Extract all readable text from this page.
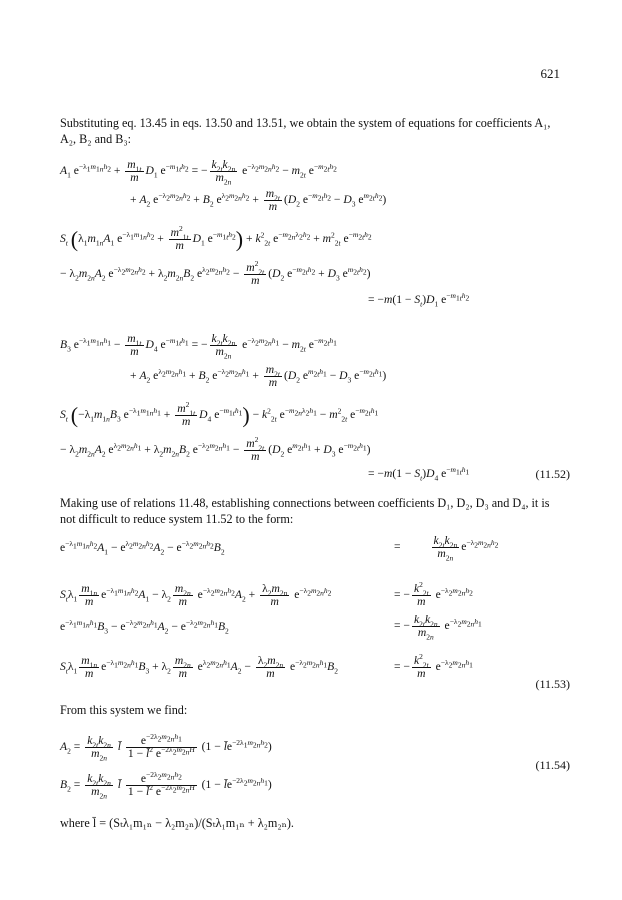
621
Substituting eq. 13.45 in eqs. 13.50 and 13.51, we obtain the system of equations for coefficients A₁, A₂, B₂ and B₃:
$A_1$ $e^{-\lambda_1m_{1n}h_2} + \frac{m_{1t}}{m} D_1$ $e^{-m_{1t}h_2}$ = − $\frac{k_{2t}k_{2n}}{m_{2n}} e^{-\lambda_2m_{2n}h_2} - m_{2t}$ $e^{-m_{2t}h_2}$
+ $A_2$ $e^{-\lambda_2m_{2n}h_2} + B_2$ $e^{\lambda_2m_{2n}h_2} + \frac{m_{2t}}{m} (D_2$ $e^{-m_{2t}h_2} - D_3$ $e^{m_{2t}h_2}$)
$S_t$ ($\lambda_1m_{1n}A_1$ $e^{-\lambda_1m_{1n}h_2} + \frac{m^2_{1t}}{m} D_1$ $e^{-m_{1t}h_2}) + k^2_{2t}$ $e^{-m_{2n}\lambda_2h_2} + m^2_{2t}$ $e^{-m_{2t}h_2}$
− $\lambda_2m_{2n}A_2$ $e^{-\lambda_2m_{2n}h_2} + \lambda_2m_{2n}B_2$ $e^{\lambda_2m_{2n}h_2} - \frac{m^2_{2t}}{m} (D_2$ $e^{-m_{2t}h_2} + D_3$ $e^{m_{2t}h_2}$)
= $-m(1 - S_t)D_1$ $e^{-m_{1t}h_2}$
$B_3$ $e^{-\lambda_1m_{1n}h_1} - \frac{m_{1t}}{m} D_4$ $e^{-m_{1t}h_1}$ = − $\frac{k_{2t}k_{2n}}{m_{2n}} e^{-\lambda_2m_{2n}h_1} - m_{2t}$ $e^{-m_{2t}h_1}$
+ $A_2$ $e^{\lambda_2m_{2n}h_1} + B_2$ $e^{-\lambda_2m_{2n}h_1} + \frac{m_{2t}}{m} (D_2$ $e^{m_{2t}h_1} - D_3$ $e^{-m_{2t}h_1}$)
$S_t$ ($-\lambda_1m_{1n}B_3$ $e^{-\lambda_1m_{1n}h_1} + \frac{m^2_{1t}}{m} D_4$ $e^{-m_{1t}h_1}) - k^2_{2t}$ $e^{-m_{2n}\lambda_2h_1} - m^2_{2t}$ $e^{-m_{2t}h_1}$
− $\lambda_2m_{2n}A_2$ $e^{\lambda_2m_{2n}h_1} + \lambda_2m_{2n}B_2$ $e^{-\lambda_2m_{2n}h_1} - \frac{m^2_{2t}}{m} (D_2$ $e^{m_{2t}h_1} + D_3$ $e^{-m_{2t}h_1}$)
= $-m(1 - S_t)D_4$ $e^{-m_{1t}h_1}$	(11.52)
Making use of relations 11.48, establishing connections between coefficients D₁, D₂, D₃ and D₄, it is not difficult to reduce system 11.52 to the form:
$e^{-\lambda_1m_{1n}h_2}A_1 - e^{\lambda_2m_{2n}h_2}A_2 - e^{-\lambda_2m_{2n}h_2}B_2$	= $\frac{k_{2t}k_{2n}}{m_{2n}} e^{-\lambda_2m_{2n}h_2}$
$S_t\lambda_1 \frac{m_{1n}}{m} e^{-\lambda_1m_{1n}h_2}A_1 - \lambda_2 \frac{m_{2n}}{m} e^{-\lambda_2m_{2n}h_2}A_2 + \frac{\lambda_2m_{2n}}{m} e^{-\lambda_2m_{2n}h_2}$	= − $\frac{k^2_{2t}}{m} e^{-\lambda_2m_{2n}h_2}$
$e^{-\lambda_1m_{1n}h_1}B_3 - e^{-\lambda_2m_{2n}h_1}A_2 - e^{-\lambda_2m_{2n}h_1}B_2$	= − $\frac{k_{2t}k_{2n}}{m_{2n}} e^{-\lambda_2m_{2n}h_1}$
$S_t\lambda_1 \frac{m_{1n}}{m} e^{-\lambda_1m_{2n}h_1}B_3 + \lambda_2 \frac{m_{2n}}{m} e^{\lambda_2m_{2n}h_1}A_2 - \frac{\lambda_2m_{2n}}{m} e^{-\lambda_2m_{2n}h_1}B_2$	= − $\frac{k^2_{2t}}{m} e^{-\lambda_2m_{2n}h_1}$
(11.53)
From this system we find:
$A_2 = \frac{k_{2t}k_{2n}}{m_{2n}}$ l̄ $\frac{e^{-2\lambda_2m_{2n}h_1}}{1 - l̄^2 e^{-2\lambda_2m_{2n}H}} (1$ − $l̄e^{-2\lambda_1m_{2n}h_2}$)
$B_2 = \frac{k_{2t}k_{2n}}{m_{2n}}$ l̄ $\frac{e^{-2\lambda_2m_{2n}h_2}}{1 - l̄^2 e^{-2\lambda_2m_{2n}H}} (1$ − $l̄e^{-2\lambda_2m_{2n}h_1}$)
(11.54)
where l̄ = (Sₜλ₁m₁ₙ − λ₂m₂ₙ)/(Sₜλ₁m₁ₙ + λ₂m₂ₙ).
